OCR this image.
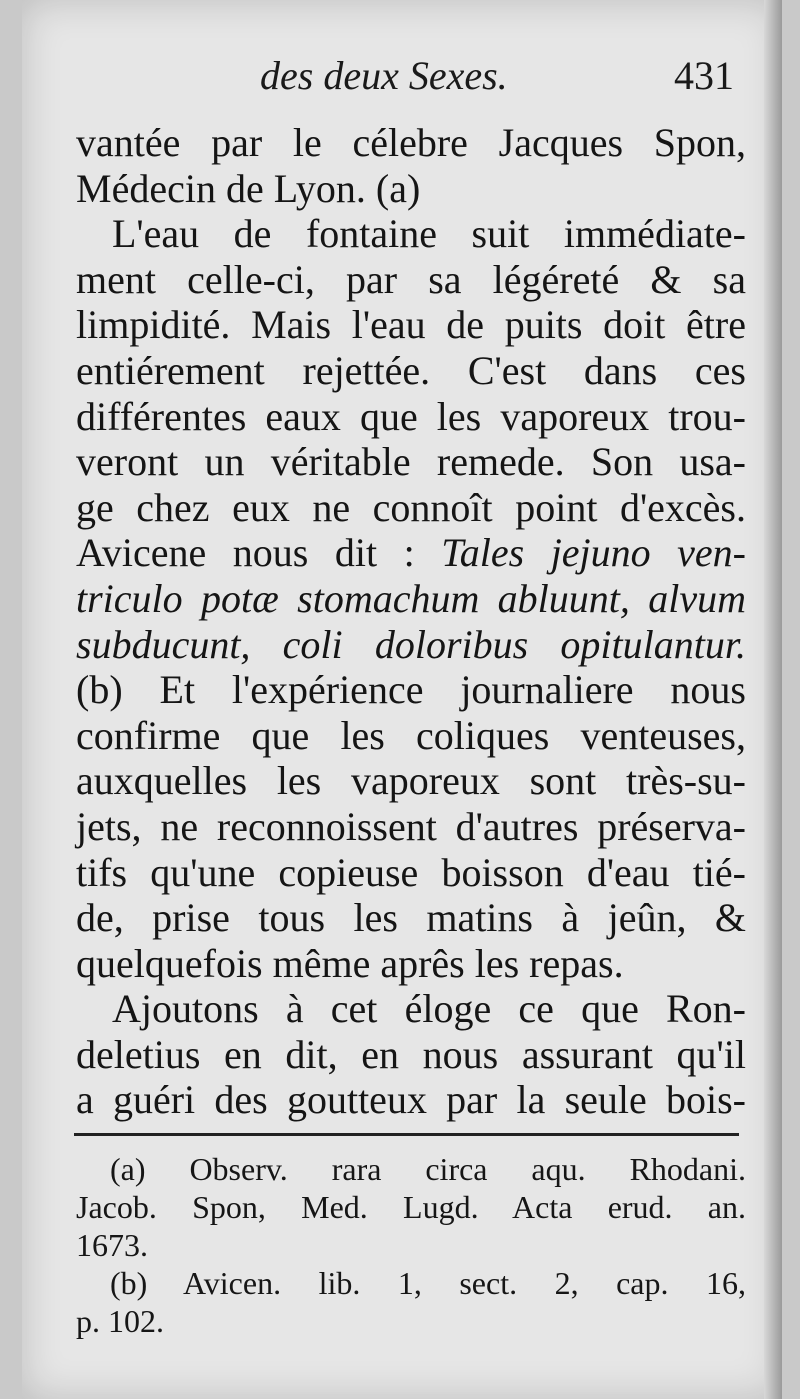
des deux Sexes.	431
vantée par le célebre Jacques Spon,
Médecin de Lyon. (a)
L'eau de fontaine suit immédiate-
ment celle-ci, par sa légéreté & sa
limpidité. Mais l'eau de puits doit être
entiérement rejettée. C'est dans ces
différentes eaux que les vaporeux trou-
veront un véritable remede. Son usa-
ge chez eux ne connoît point d'excès.
Avicene nous dit : Tales jejuno ven-
triculo potæ stomachum abluunt, alvum
subducunt, coli doloribus opitulantur.
(b) Et l'expérience journaliere nous
confirme que les coliques venteuses,
auxquelles les vaporeux sont très-su-
jets, ne reconnoissent d'autres préserva-
tifs qu'une copieuse boisson d'eau tié-
de, prise tous les matins à jeûn, &
quelquefois même aprês les repas.
Ajoutons à cet éloge ce que Ron-
deletius en dit, en nous assurant qu'il
a guéri des goutteux par la seule bois-
(a) Observ. rara circa aqu. Rhodani.
Jacob. Spon, Med. Lugd. Acta erud. an.
1673.
(b) Avicen. lib. 1, sect. 2, cap. 16,
p. 102.
